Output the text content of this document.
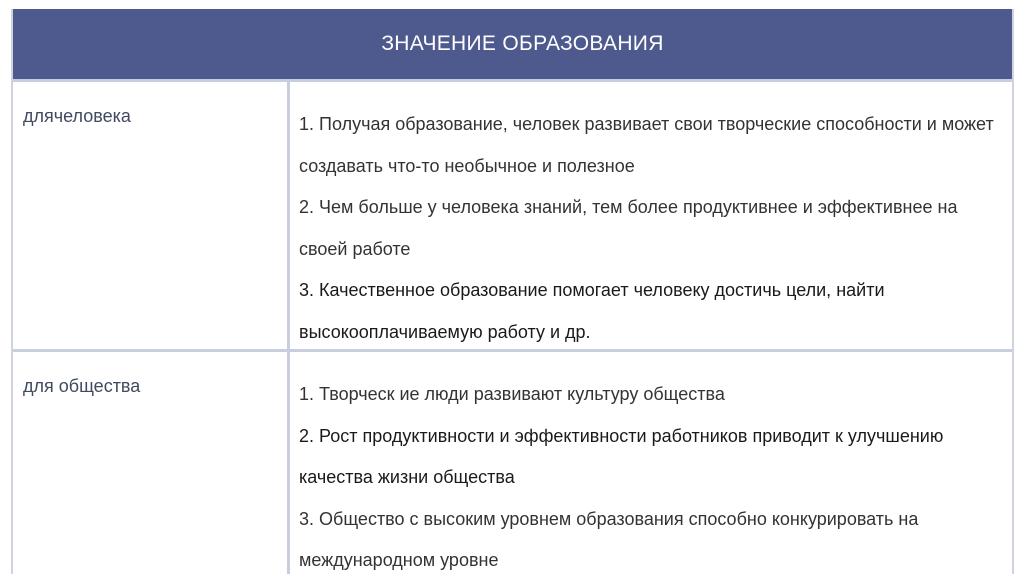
ЗНАЧЕНИЕ ОБРАЗОВАНИЯ
длячеловека	1. Получая образование, человек развивает свои творческие способности и может создавать что-то необычное и полезное

2. Чем больше у человека знаний, тем более продуктивнее и эффективнее на своей работе

3. Качественное образование помогает человеку достичь цели, найти высокооплачиваемую работу и др.

для общества	1. Творческ ие люди развивают культуру общества

2. Рост продуктивности и эффективности работников приводит к улучшению качества жизни общества

3. Общество с высоким уровнем образования способно конкурировать на международном уровне
